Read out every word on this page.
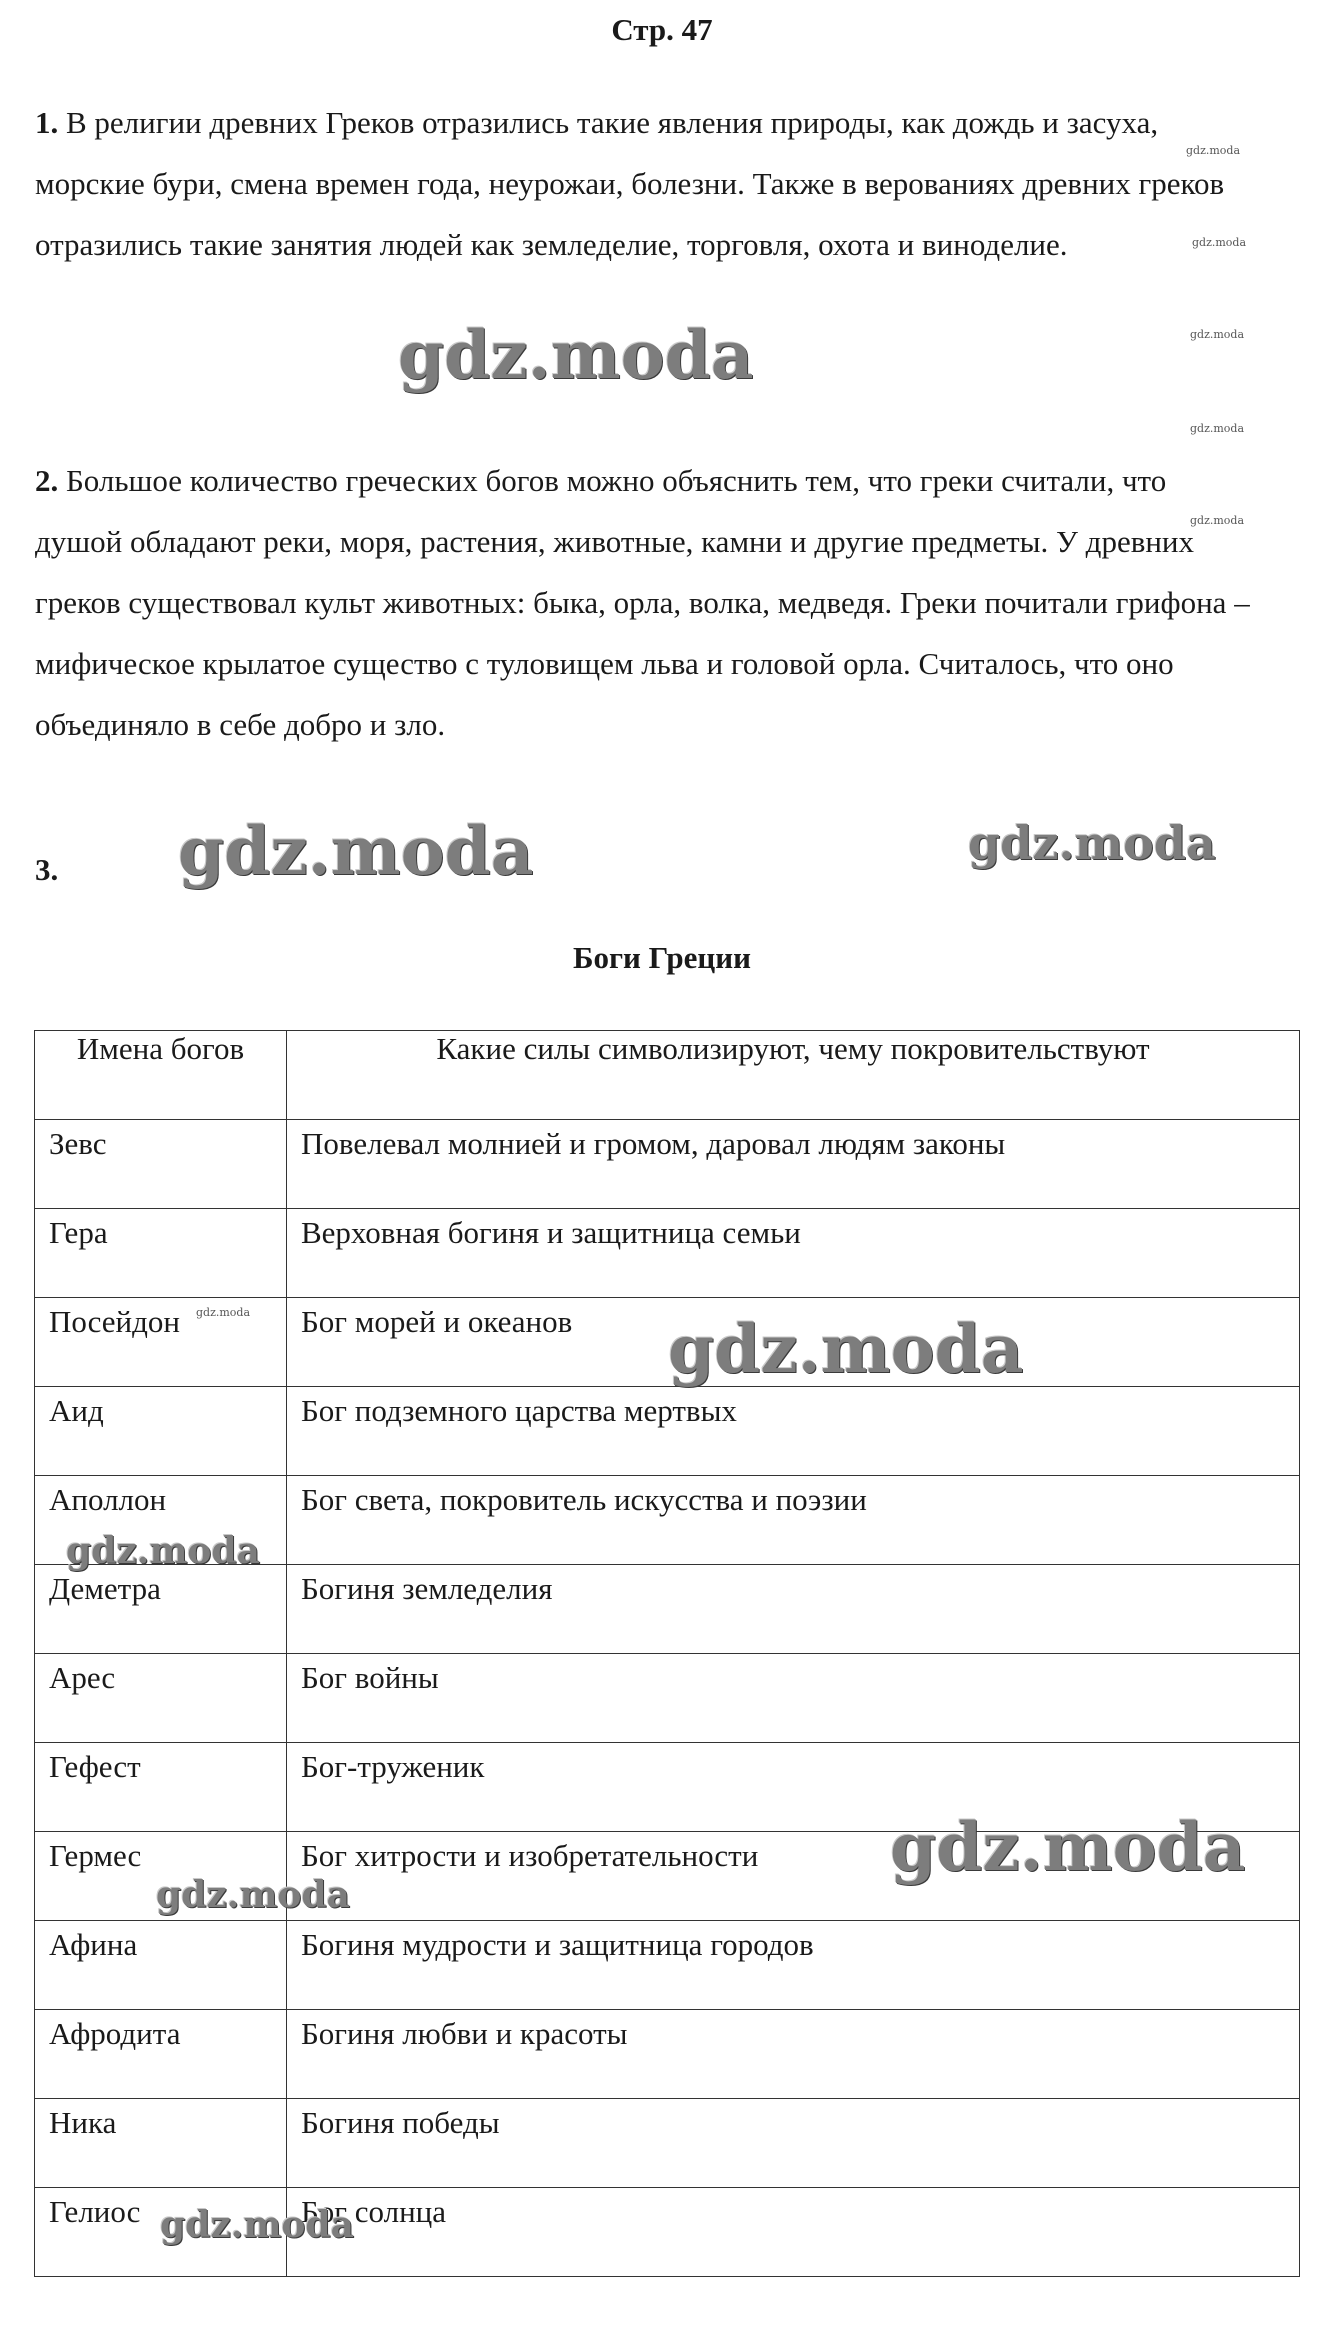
Стр. 47

1. В религии древних Греков отразились такие явления природы, как дождь и засуха, морские бури, смена времен года, неурожаи, болезни. Также в верованиях древних греков отразились такие занятия людей как земледелие, торговля, охота и виноделие.

2. Большое количество греческих богов можно объяснить тем, что греки считали, что душой обладают реки, моря, растения, животные, камни и другие предметы. У древних греков существовал культ животных: быка, орла, волка, медведя. Греки почитали грифона – мифическое крылатое существо с туловищем льва и головой орла. Считалось, что оно объединяло в себе добро и зло.

3.

Боги Греции
Имена богов	Какие силы символизируют, чему покровительствуют
Зевс	Повелевал молнией и громом, даровал людям законы
Гера	Верховная богиня и защитница семьи
Посейдон	Бог морей и океанов
Аид	Бог подземного царства мертвых
Аполлон	Бог света, покровитель искусства и поэзии
Деметра	Богиня земледелия
Арес	Бог войны
Гефест	Бог-труженик
Гермес	Бог хитрости и изобретательности
Афина	Богиня мудрости и защитница городов
Афродита	Богиня любви и красоты
Ника	Богиня победы
Гелиос	Бог солнца
gdz.moda
gdz.moda	gdz.moda
gdz.moda
gdz.moda
gdz.moda
gdz.moda
gdz.moda
gdz.moda
gdz.moda
gdz.moda
gdz.moda
gdz.moda
gdz.moda
